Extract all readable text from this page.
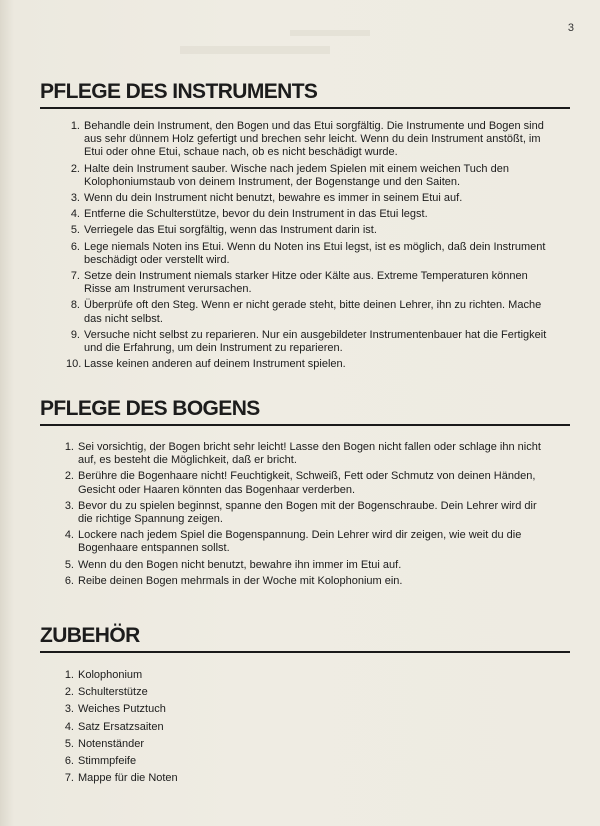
3
PFLEGE DES INSTRUMENTS
1. Behandle dein Instrument, den Bogen und das Etui sorgfältig. Die Instrumente und Bogen sind aus sehr dünnem Holz gefertigt und brechen sehr leicht. Wenn du dein Instrument anstößt, im Etui oder ohne Etui, schaue nach, ob es nicht beschädigt wurde.
2. Halte dein Instrument sauber. Wische nach jedem Spielen mit einem weichen Tuch den Kolophoniumstaub von deinem Instrument, der Bogenstange und den Saiten.
3. Wenn du dein Instrument nicht benutzt, bewahre es immer in seinem Etui auf.
4. Entferne die Schulterstütze, bevor du dein Instrument in das Etui legst.
5. Verriegele das Etui sorgfältig, wenn das Instrument darin ist.
6. Lege niemals Noten ins Etui. Wenn du Noten ins Etui legst, ist es möglich, daß dein Instrument beschädigt oder verstellt wird.
7. Setze dein Instrument niemals starker Hitze oder Kälte aus. Extreme Temperaturen können Risse am Instrument verursachen.
8. Überprüfe oft den Steg. Wenn er nicht gerade steht, bitte deinen Lehrer, ihn zu richten. Mache das nicht selbst.
9. Versuche nicht selbst zu reparieren. Nur ein ausgebildeter Instrumentenbauer hat die Fertigkeit und die Erfahrung, um dein Instrument zu reparieren.
10. Lasse keinen anderen auf deinem Instrument spielen.
PFLEGE DES BOGENS
1. Sei vorsichtig, der Bogen bricht sehr leicht! Lasse den Bogen nicht fallen oder schlage ihn nicht auf, es besteht die Möglichkeit, daß er bricht.
2. Berühre die Bogenhaare nicht! Feuchtigkeit, Schweiß, Fett oder Schmutz von deinen Händen, Gesicht oder Haaren könnten das Bogenhaar verderben.
3. Bevor du zu spielen beginnst, spanne den Bogen mit der Bogenschraube. Dein Lehrer wird dir die richtige Spannung zeigen.
4. Lockere nach jedem Spiel die Bogenspannung. Dein Lehrer wird dir zeigen, wie weit du die Bogenhaare entspannen sollst.
5. Wenn du den Bogen nicht benutzt, bewahre ihn immer im Etui auf.
6. Reibe deinen Bogen mehrmals in der Woche mit Kolophonium ein.
ZUBEHÖR
1. Kolophonium
2. Schulterstütze
3. Weiches Putztuch
4. Satz Ersatzsaiten
5. Notenständer
6. Stimmpfeife
7. Mappe für die Noten
